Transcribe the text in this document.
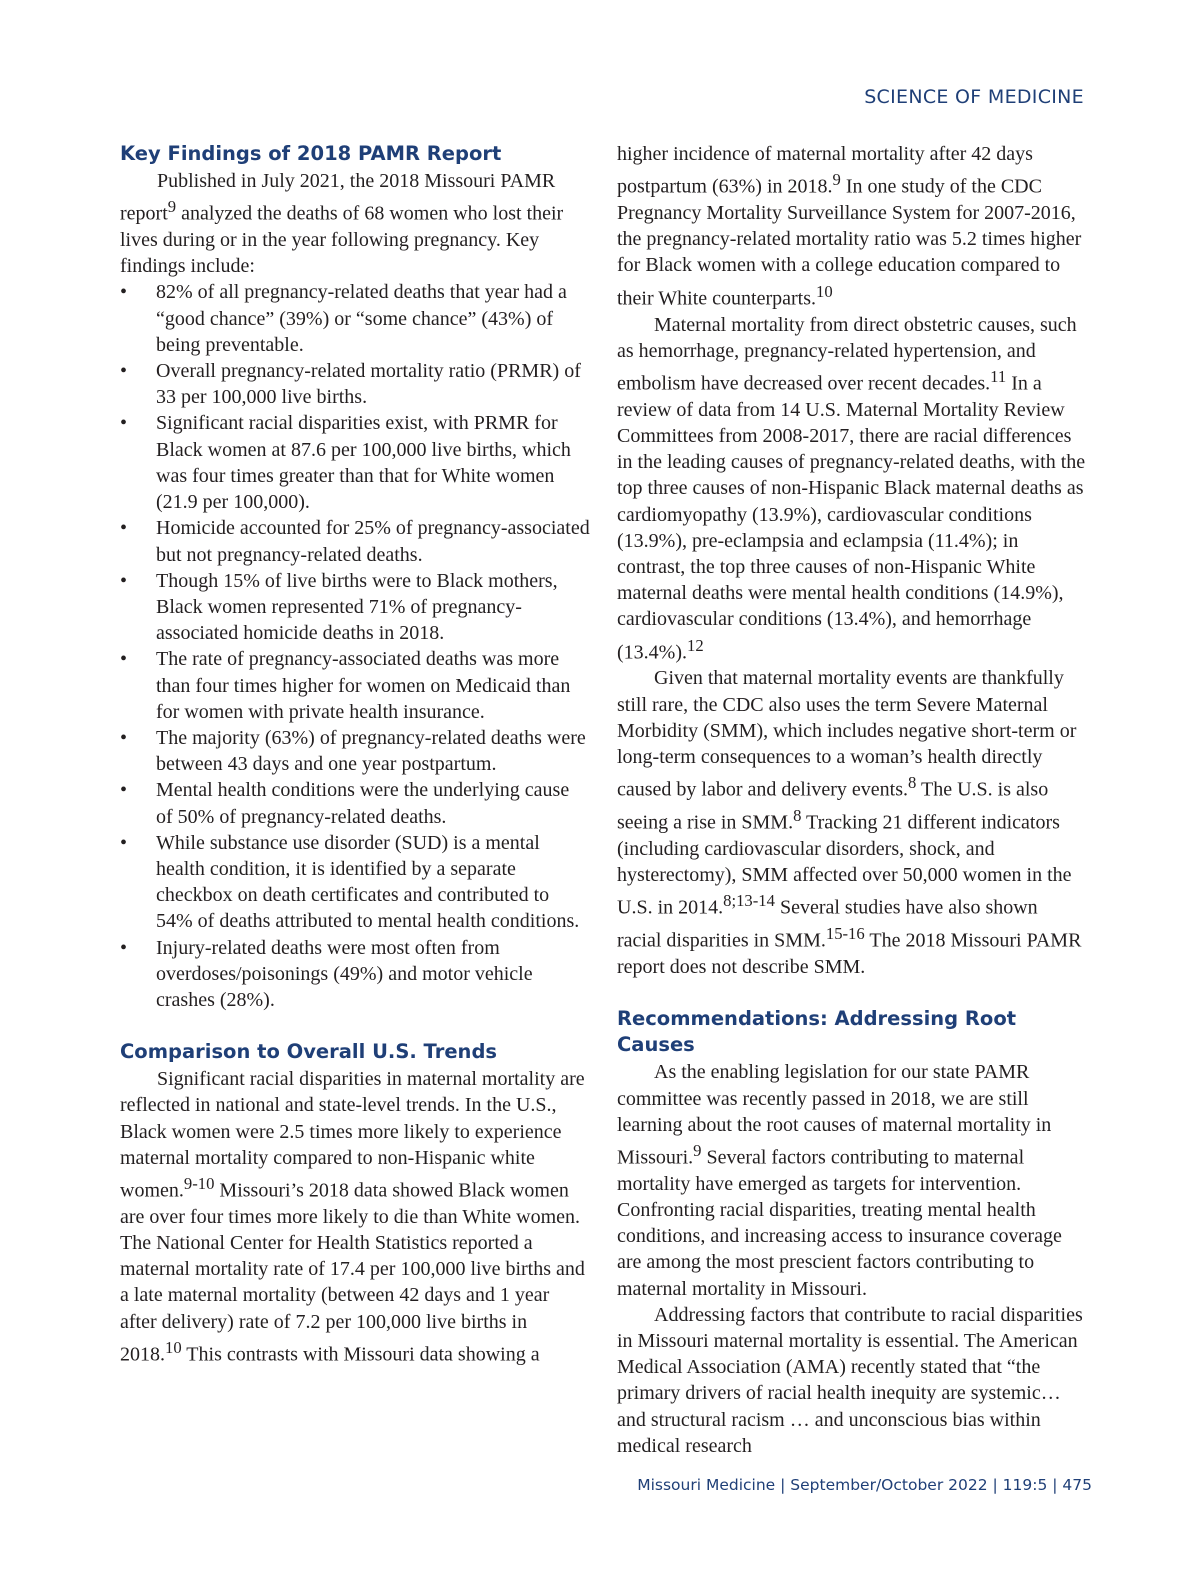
SCIENCE OF MEDICINE
Key Findings of 2018 PAMR Report

Published in July 2021, the 2018 Missouri PAMR report$^9$ analyzed the deaths of 68 women who lost their lives during or in the year following pregnancy. Key findings include:

• 82% of all pregnancy-related deaths that year had a “good chance” (39%) or “some chance” (43%) of being preventable.
• Overall pregnancy-related mortality ratio (PRMR) of 33 per 100,000 live births.
• Significant racial disparities exist, with PRMR for Black women at 87.6 per 100,000 live births, which was four times greater than that for White women (21.9 per 100,000).
• Homicide accounted for 25% of pregnancy-associated but not pregnancy-related deaths.
• Though 15% of live births were to Black mothers, Black women represented 71% of pregnancy-associated homicide deaths in 2018.
• The rate of pregnancy-associated deaths was more than four times higher for women on Medicaid than for women with private health insurance.
• The majority (63%) of pregnancy-related deaths were between 43 days and one year postpartum.
• Mental health conditions were the underlying cause of 50% of pregnancy-related deaths.
• While substance use disorder (SUD) is a mental health condition, it is identified by a separate checkbox on death certificates and contributed to 54% of deaths attributed to mental health conditions.
• Injury-related deaths were most often from overdoses/poisonings (49%) and motor vehicle crashes (28%).
Comparison to Overall U.S. Trends

Significant racial disparities in maternal mortality are reflected in national and state-level trends. In the U.S., Black women were 2.5 times more likely to experience maternal mortality compared to non-Hispanic white women.$^{9-10}$ Missouri’s 2018 data showed Black women are over four times more likely to die than White women. The National Center for Health Statistics reported a maternal mortality rate of 17.4 per 100,000 live births and a late maternal mortality (between 42 days and 1 year after delivery) rate of 7.2 per 100,000 live births in 2018.10 This contrasts with Missouri data showing a

higher incidence of maternal mortality after 42 days postpartum (63%) in 2018.$^9$ In one study of the CDC Pregnancy Mortality Surveillance System for 2007-2016, the pregnancy-related mortality ratio was 5.2 times higher for Black women with a college education compared to their White counterparts.$^{10}$

Maternal mortality from direct obstetric causes, such as hemorrhage, pregnancy-related hypertension, and embolism have decreased over recent decades.$^{11}$ In a review of data from 14 U.S. Maternal Mortality Review Committees from 2008-2017, there are racial differences in the leading causes of pregnancy-related deaths, with the top three causes of non-Hispanic Black maternal deaths as cardiomyopathy (13.9%), cardiovascular conditions (13.9%), pre-eclampsia and eclampsia (11.4%); in contrast, the top three causes of non-Hispanic White maternal deaths were mental health conditions (14.9%), cardiovascular conditions (13.4%), and hemorrhage (13.4%).$^{12}$

Given that maternal mortality events are thankfully still rare, the CDC also uses the term Severe Maternal Morbidity (SMM), which includes negative short-term or long-term consequences to a woman’s health directly caused by labor and delivery events.$^8$ The U.S. is also seeing a rise in SMM.$^8$ Tracking 21 different indicators (including cardiovascular disorders, shock, and hysterectomy), SMM affected over 50,000 women in the U.S. in 2014.$^{8;13-14}$ Several studies have also shown racial disparities in SMM.$^{15-16}$ The 2018 Missouri PAMR report does not describe SMM.

Recommendations: Addressing Root Causes

As the enabling legislation for our state PAMR committee was recently passed in 2018, we are still learning about the root causes of maternal mortality in Missouri.$^9$ Several factors contributing to maternal mortality have emerged as targets for intervention. Confronting racial disparities, treating mental health conditions, and increasing access to insurance coverage are among the most prescient factors contributing to maternal mortality in Missouri.

Addressing factors that contribute to racial disparities in Missouri maternal mortality is essential. The American Medical Association (AMA) recently stated that “the primary drivers of racial health inequity are systemic… and structural racism … and unconscious bias within medical research

Missouri Medicine | September/October 2022 | 119:5 | 475
